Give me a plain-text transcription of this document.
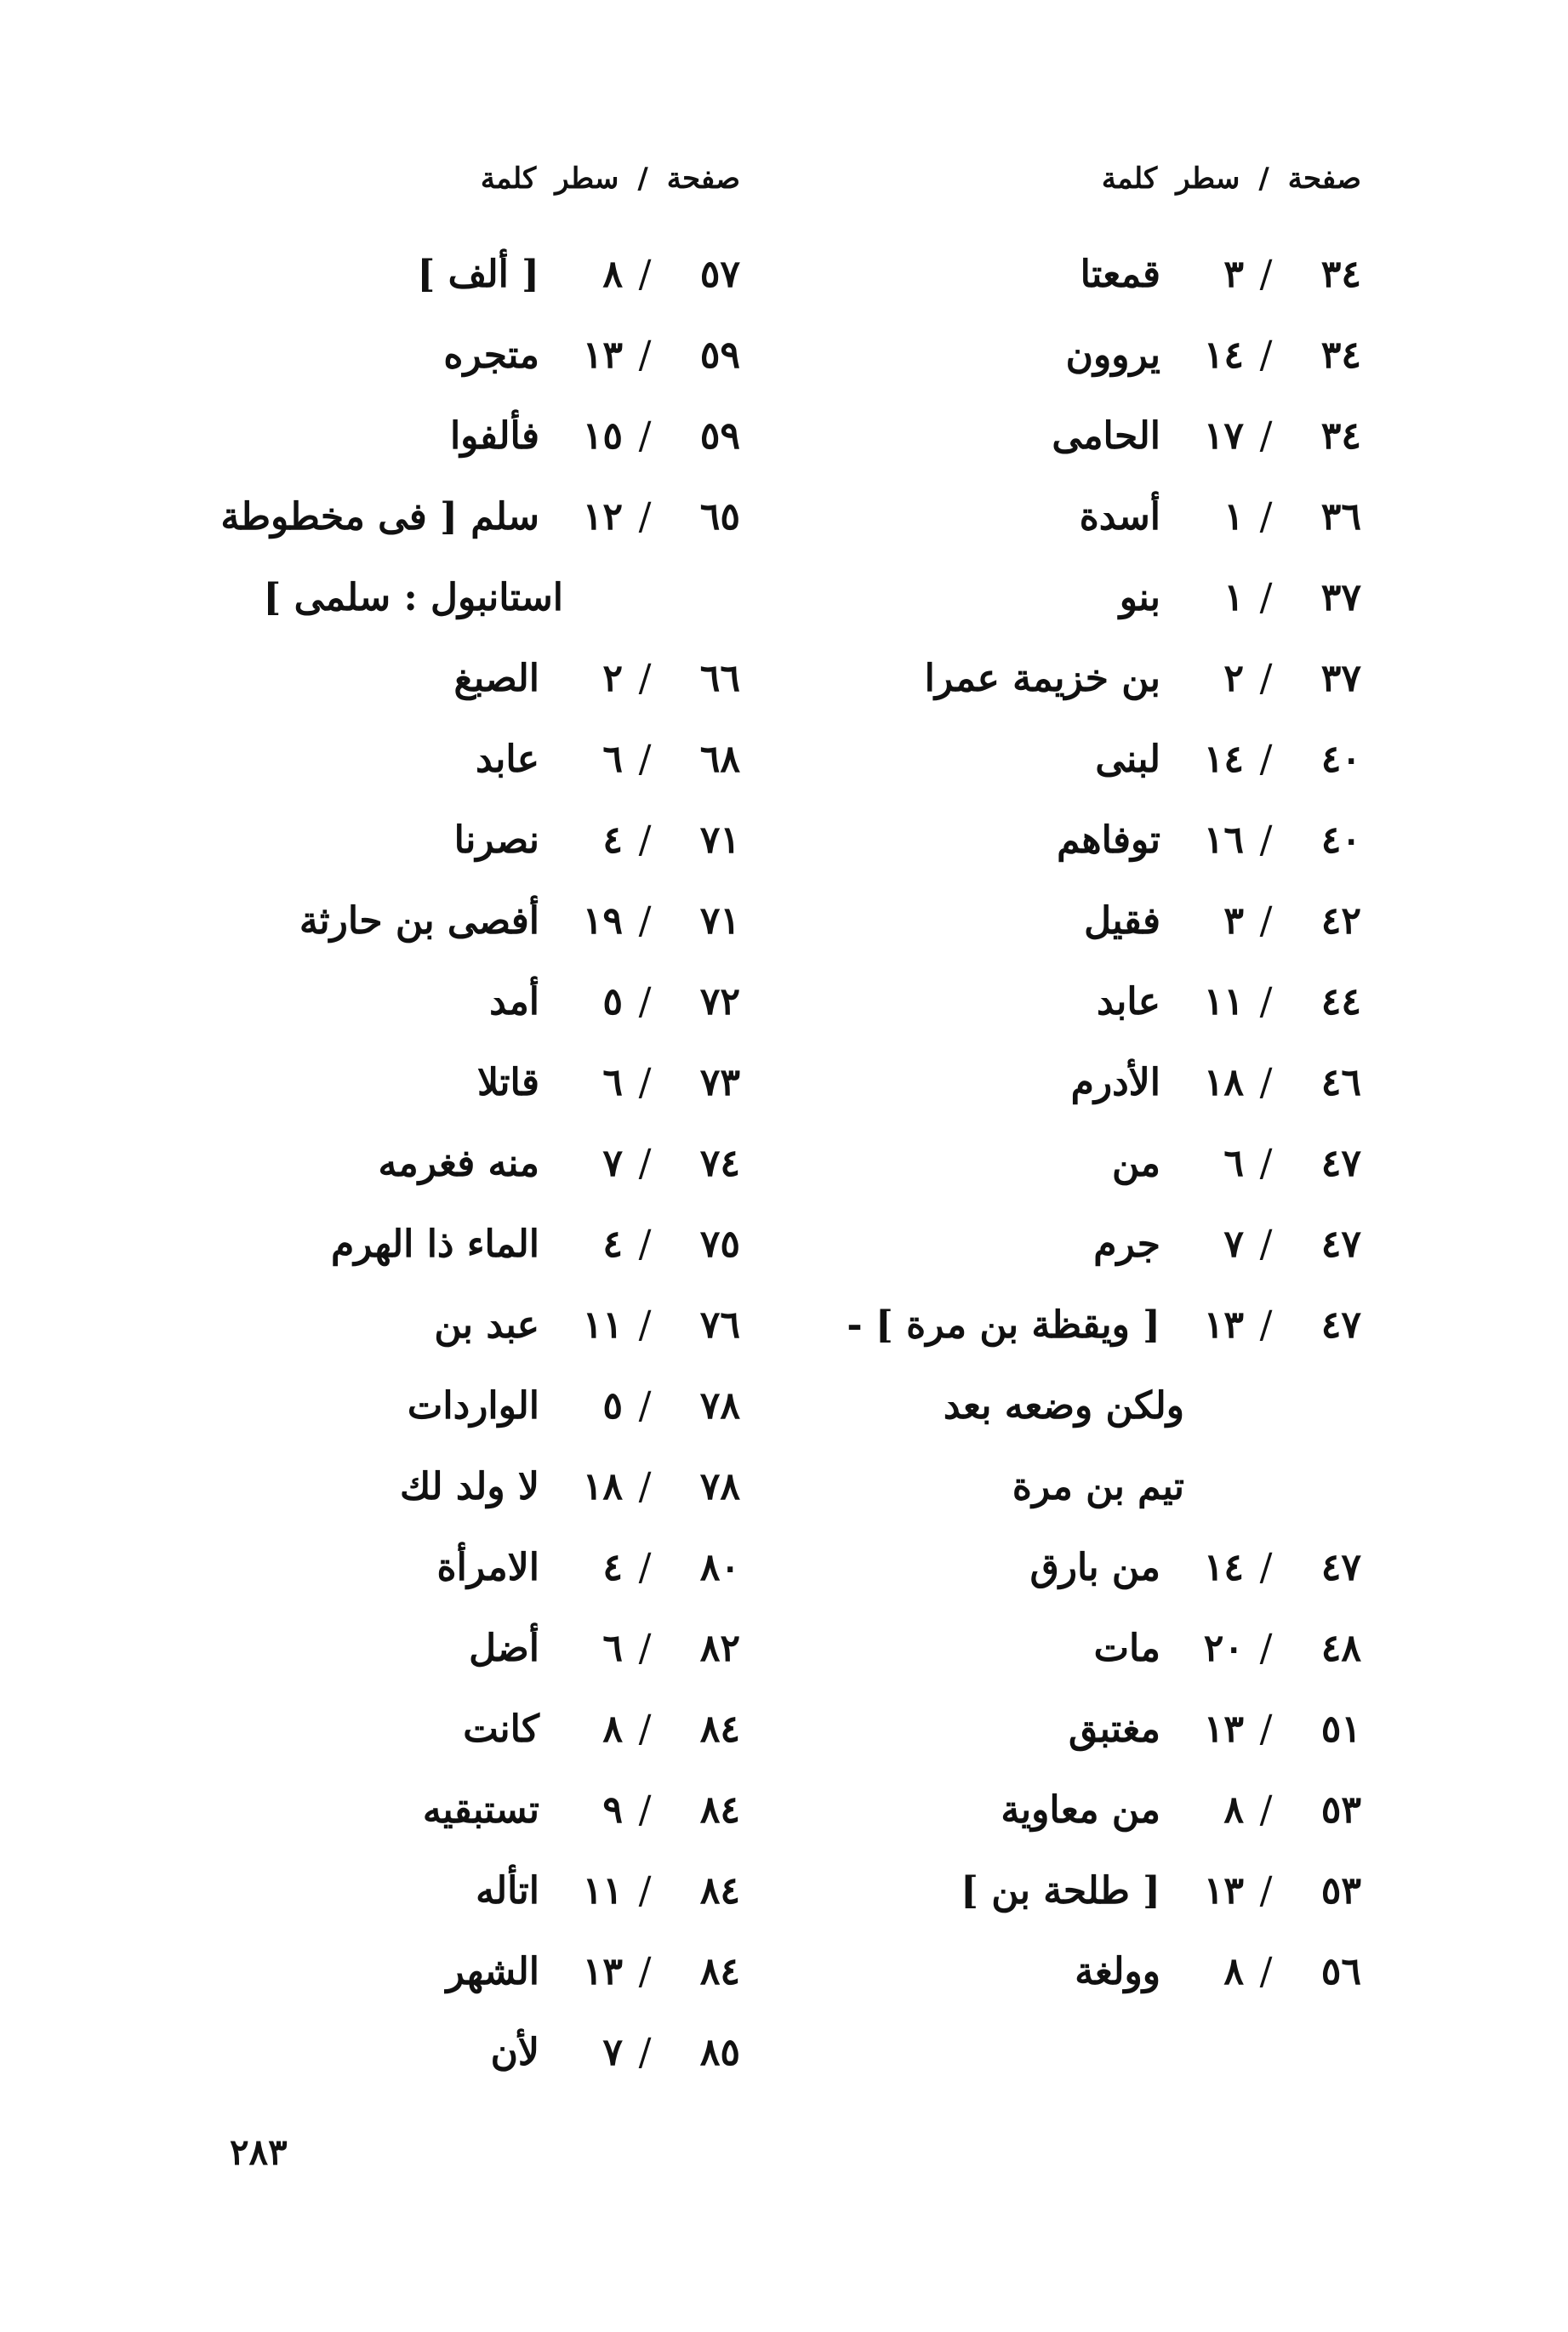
صفحة/سطركلمة
٣٤
/
٣
قمعتا
٣٤
/
١٤
يروون
٣٤
/
١٧
الحامى
٣٦
/
١
أسدة
٣٧
/
١
بنو
٣٧
/
٢
بن خزيمة عمرا
٤٠
/
١٤
لبنى
٤٠
/
١٦
توفاهم
٤٢
/
٣
فقيل
٤٤
/
١١
عابد
٤٦
/
١٨
الأدرم
٤٧
/
٦
من
٤٧
/
٧
جرم
٤٧
/
١٣
[ ويقظة بن مرة ] -
ولكن وضعه بعد
تيم بن مرة
٤٧
/
١٤
من بارق
٤٨
/
٢٠
مات
٥١
/
١٣
مغتبق
٥٣
/
٨
من معاوية
٥٣
/
١٣
[ طلحة بن ]
٥٦
/
٨
وولغة
صفحة/سطركلمة
٥٧
/
٨
[ ألف ]
٥٩
/
١٣
متجره
٥٩
/
١٥
فألفوا
٦٥
/
١٢
سلم [ فى مخطوطة
استانبول : سلمى ]
٦٦
/
٢
الصبغ
٦٨
/
٦
عابد
٧١
/
٤
نصرنا
٧١
/
١٩
أفصى بن حارثة
٧٢
/
٥
أمد
٧٣
/
٦
قاتلا
٧٤
/
٧
منه فغرمه
٧٥
/
٤
الماء ذا الهرم
٧٦
/
١١
عبد بن
٧٨
/
٥
الواردات
٧٨
/
١٨
لا ولد لك
٨٠
/
٤
الامرأة
٨٢
/
٦
أضل
٨٤
/
٨
كانت
٨٤
/
٩
تستبقيه
٨٤
/
١١
اتأله
٨٤
/
١٣
الشهر
٨٥
/
٧
لأن
٢٨٣
